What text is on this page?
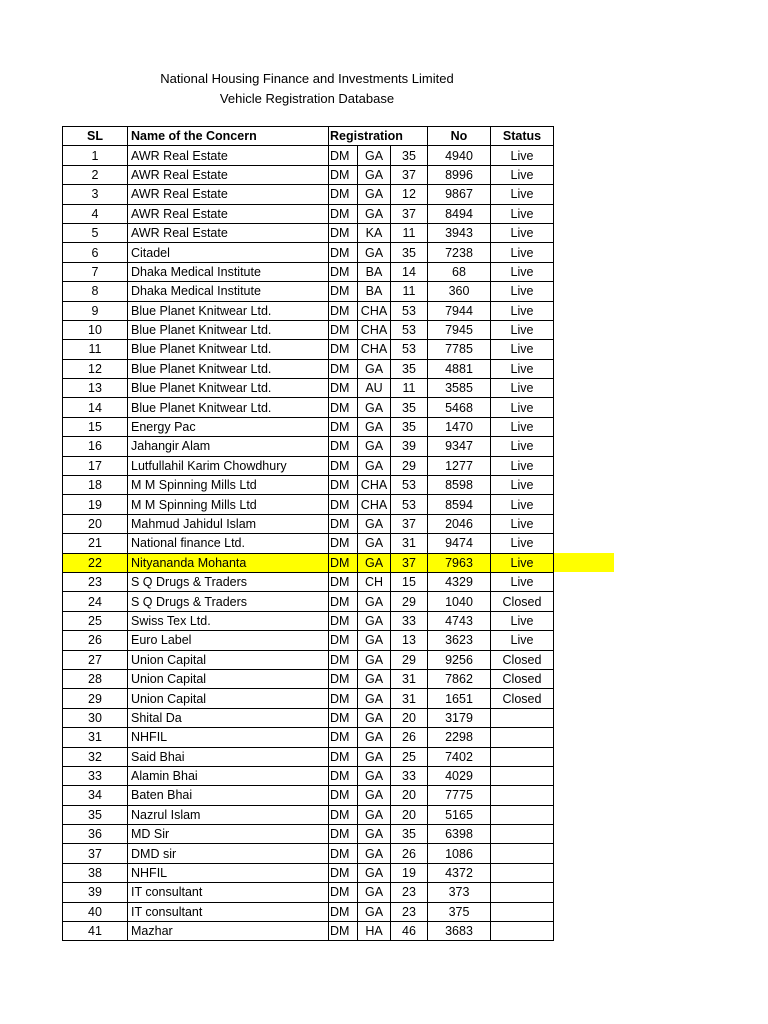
National Housing Finance and Investments Limited
Vehicle Registration Database
SL	Name of the Concern	Registration			No	Status
1	AWR Real Estate	DM	GA	35	4940	Live
2	AWR Real Estate	DM	GA	37	8996	Live
3	AWR Real Estate	DM	GA	12	9867	Live
4	AWR Real Estate	DM	GA	37	8494	Live
5	AWR Real Estate	DM	KA	11	3943	Live
6	Citadel	DM	GA	35	7238	Live
7	Dhaka Medical Institute	DM	BA	14	68	Live
8	Dhaka Medical Institute	DM	BA	11	360	Live
9	Blue Planet Knitwear Ltd.	DM	CHA	53	7944	Live
10	Blue Planet Knitwear Ltd.	DM	CHA	53	7945	Live
11	Blue Planet Knitwear Ltd.	DM	CHA	53	7785	Live
12	Blue Planet Knitwear Ltd.	DM	GA	35	4881	Live
13	Blue Planet Knitwear Ltd.	DM	AU	11	3585	Live
14	Blue Planet Knitwear Ltd.	DM	GA	35	5468	Live
15	Energy Pac	DM	GA	35	1470	Live
16	Jahangir Alam	DM	GA	39	9347	Live
17	Lutfullahil Karim Chowdhury	DM	GA	29	1277	Live
18	M M Spinning Mills Ltd	DM	CHA	53	8598	Live
19	M M Spinning Mills Ltd	DM	CHA	53	8594	Live
20	Mahmud Jahidul Islam	DM	GA	37	2046	Live
21	National finance Ltd.	DM	GA	31	9474	Live
22	Nityananda Mohanta	DM	GA	37	7963	Live
23	S Q Drugs & Traders	DM	CH	15	4329	Live
24	S Q Drugs & Traders	DM	GA	29	1040	Closed
25	Swiss Tex Ltd.	DM	GA	33	4743	Live
26	Euro Label	DM	GA	13	3623	Live
27	Union Capital	DM	GA	29	9256	Closed
28	Union Capital	DM	GA	31	7862	Closed
29	Union Capital	DM	GA	31	1651	Closed
30	Shital Da	DM	GA	20	3179	
31	NHFIL	DM	GA	26	2298	
32	Said Bhai	DM	GA	25	7402	
33	Alamin Bhai	DM	GA	33	4029	
34	Baten Bhai	DM	GA	20	7775	
35	Nazrul Islam	DM	GA	20	5165	
36	MD Sir	DM	GA	35	6398	
37	DMD sir	DM	GA	26	1086	
38	NHFIL	DM	GA	19	4372	
39	IT consultant	DM	GA	23	373	
40	IT consultant	DM	GA	23	375	
41	Mazhar	DM	HA	46	3683	
